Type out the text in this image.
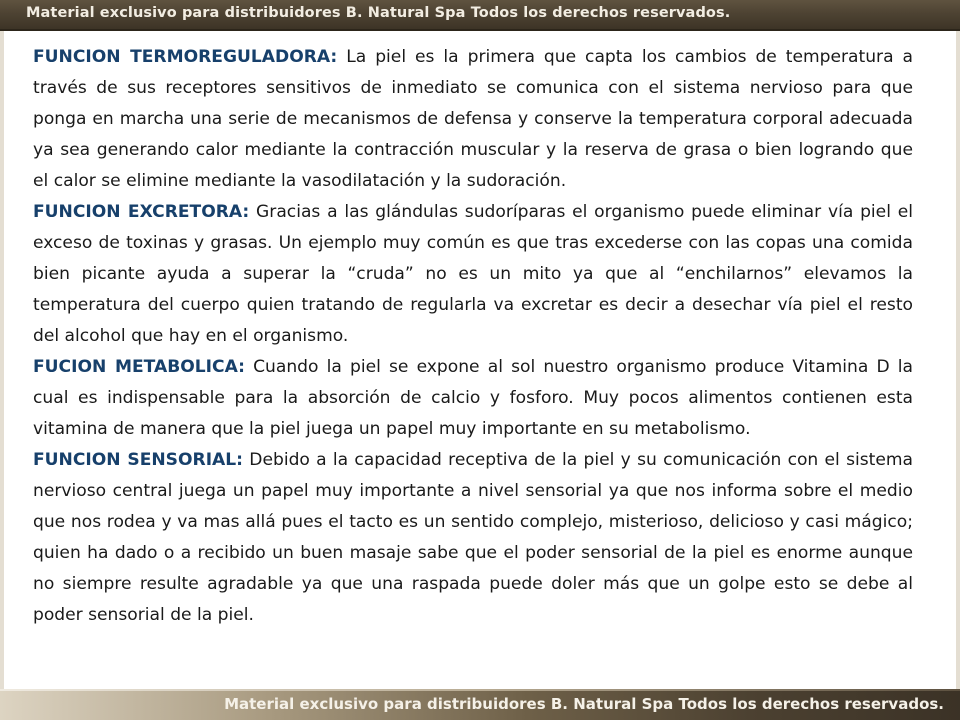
Material exclusivo para distribuidores B. Natural Spa Todos los derechos reservados.

FUNCION TERMOREGULADORA: La piel es la primera que capta los cambios de temperatura a través de sus receptores sensitivos de inmediato se comunica con el sistema nervioso para que ponga en marcha una serie de mecanismos de defensa y conserve la temperatura corporal adecuada ya sea generando calor mediante la contracción muscular y la reserva de grasa o bien logrando que el calor se elimine mediante la vasodilatación y la sudoración.

FUNCION EXCRETORA: Gracias a las glándulas sudoríparas el organismo puede eliminar vía piel el exceso de toxinas y grasas. Un ejemplo muy común es que tras excederse con las copas una comida bien picante ayuda a superar la “cruda” no es un mito ya que al “enchilarnos” elevamos la temperatura del cuerpo quien tratando de regularla va excretar es decir a desechar vía piel el resto del alcohol que hay en el organismo.

FUCION METABOLICA: Cuando la piel se expone al sol nuestro organismo produce Vitamina D la cual es indispensable para la absorción de calcio y fosforo. Muy pocos alimentos contienen esta vitamina de manera que la piel juega un papel muy importante en su metabolismo.

FUNCION SENSORIAL: Debido a la capacidad receptiva de la piel y su comunicación con el sistema nervioso central juega un papel muy importante a nivel sensorial ya que nos informa sobre el medio que nos rodea y va mas allá pues el tacto es un sentido complejo, misterioso, delicioso y casi mágico; quien ha dado o a recibido un buen masaje sabe que el poder sensorial de la piel es enorme aunque no siempre resulte agradable ya que una raspada puede doler más que un golpe esto se debe al poder sensorial de la piel.

Material exclusivo para distribuidores B. Natural Spa Todos los derechos reservados.
